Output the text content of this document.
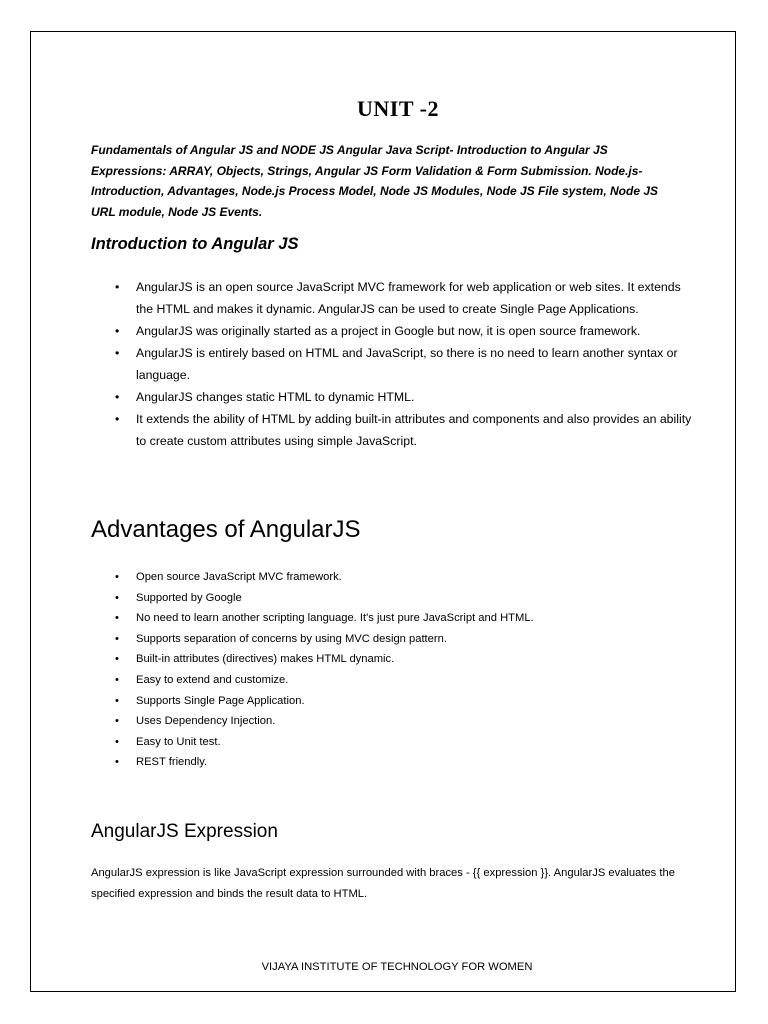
UNIT -2

Fundamentals of Angular JS and NODE JS Angular Java Script- Introduction to Angular JS Expressions: ARRAY, Objects, Strings, Angular JS Form Validation & Form Submission. Node.js- Introduction, Advantages, Node.js Process Model, Node JS Modules, Node JS File system, Node JS URL module, Node JS Events.

Introduction to Angular JS
• AngularJS is an open source JavaScript MVC framework for web application or web sites. It extends the HTML and makes it dynamic. AngularJS can be used to create Single Page Applications.
• AngularJS was originally started as a project in Google but now, it is open source framework.
• AngularJS is entirely based on HTML and JavaScript, so there is no need to learn another syntax or language.
• AngularJS changes static HTML to dynamic HTML.
• It extends the ability of HTML by adding built-in attributes and components and also provides an ability to create custom attributes using simple JavaScript.
Advantages of AngularJS
• Open source JavaScript MVC framework.
• Supported by Google
• No need to learn another scripting language. It's just pure JavaScript and HTML.
• Supports separation of concerns by using MVC design pattern.
• Built-in attributes (directives) makes HTML dynamic.
• Easy to extend and customize.
• Supports Single Page Application.
• Uses Dependency Injection.
• Easy to Unit test.
• REST friendly.
AngularJS Expression

AngularJS expression is like JavaScript expression surrounded with braces - {{ expression }}. AngularJS evaluates the specified expression and binds the result data to HTML.

VIJAYA INSTITUTE OF TECHNOLOGY FOR WOMEN
